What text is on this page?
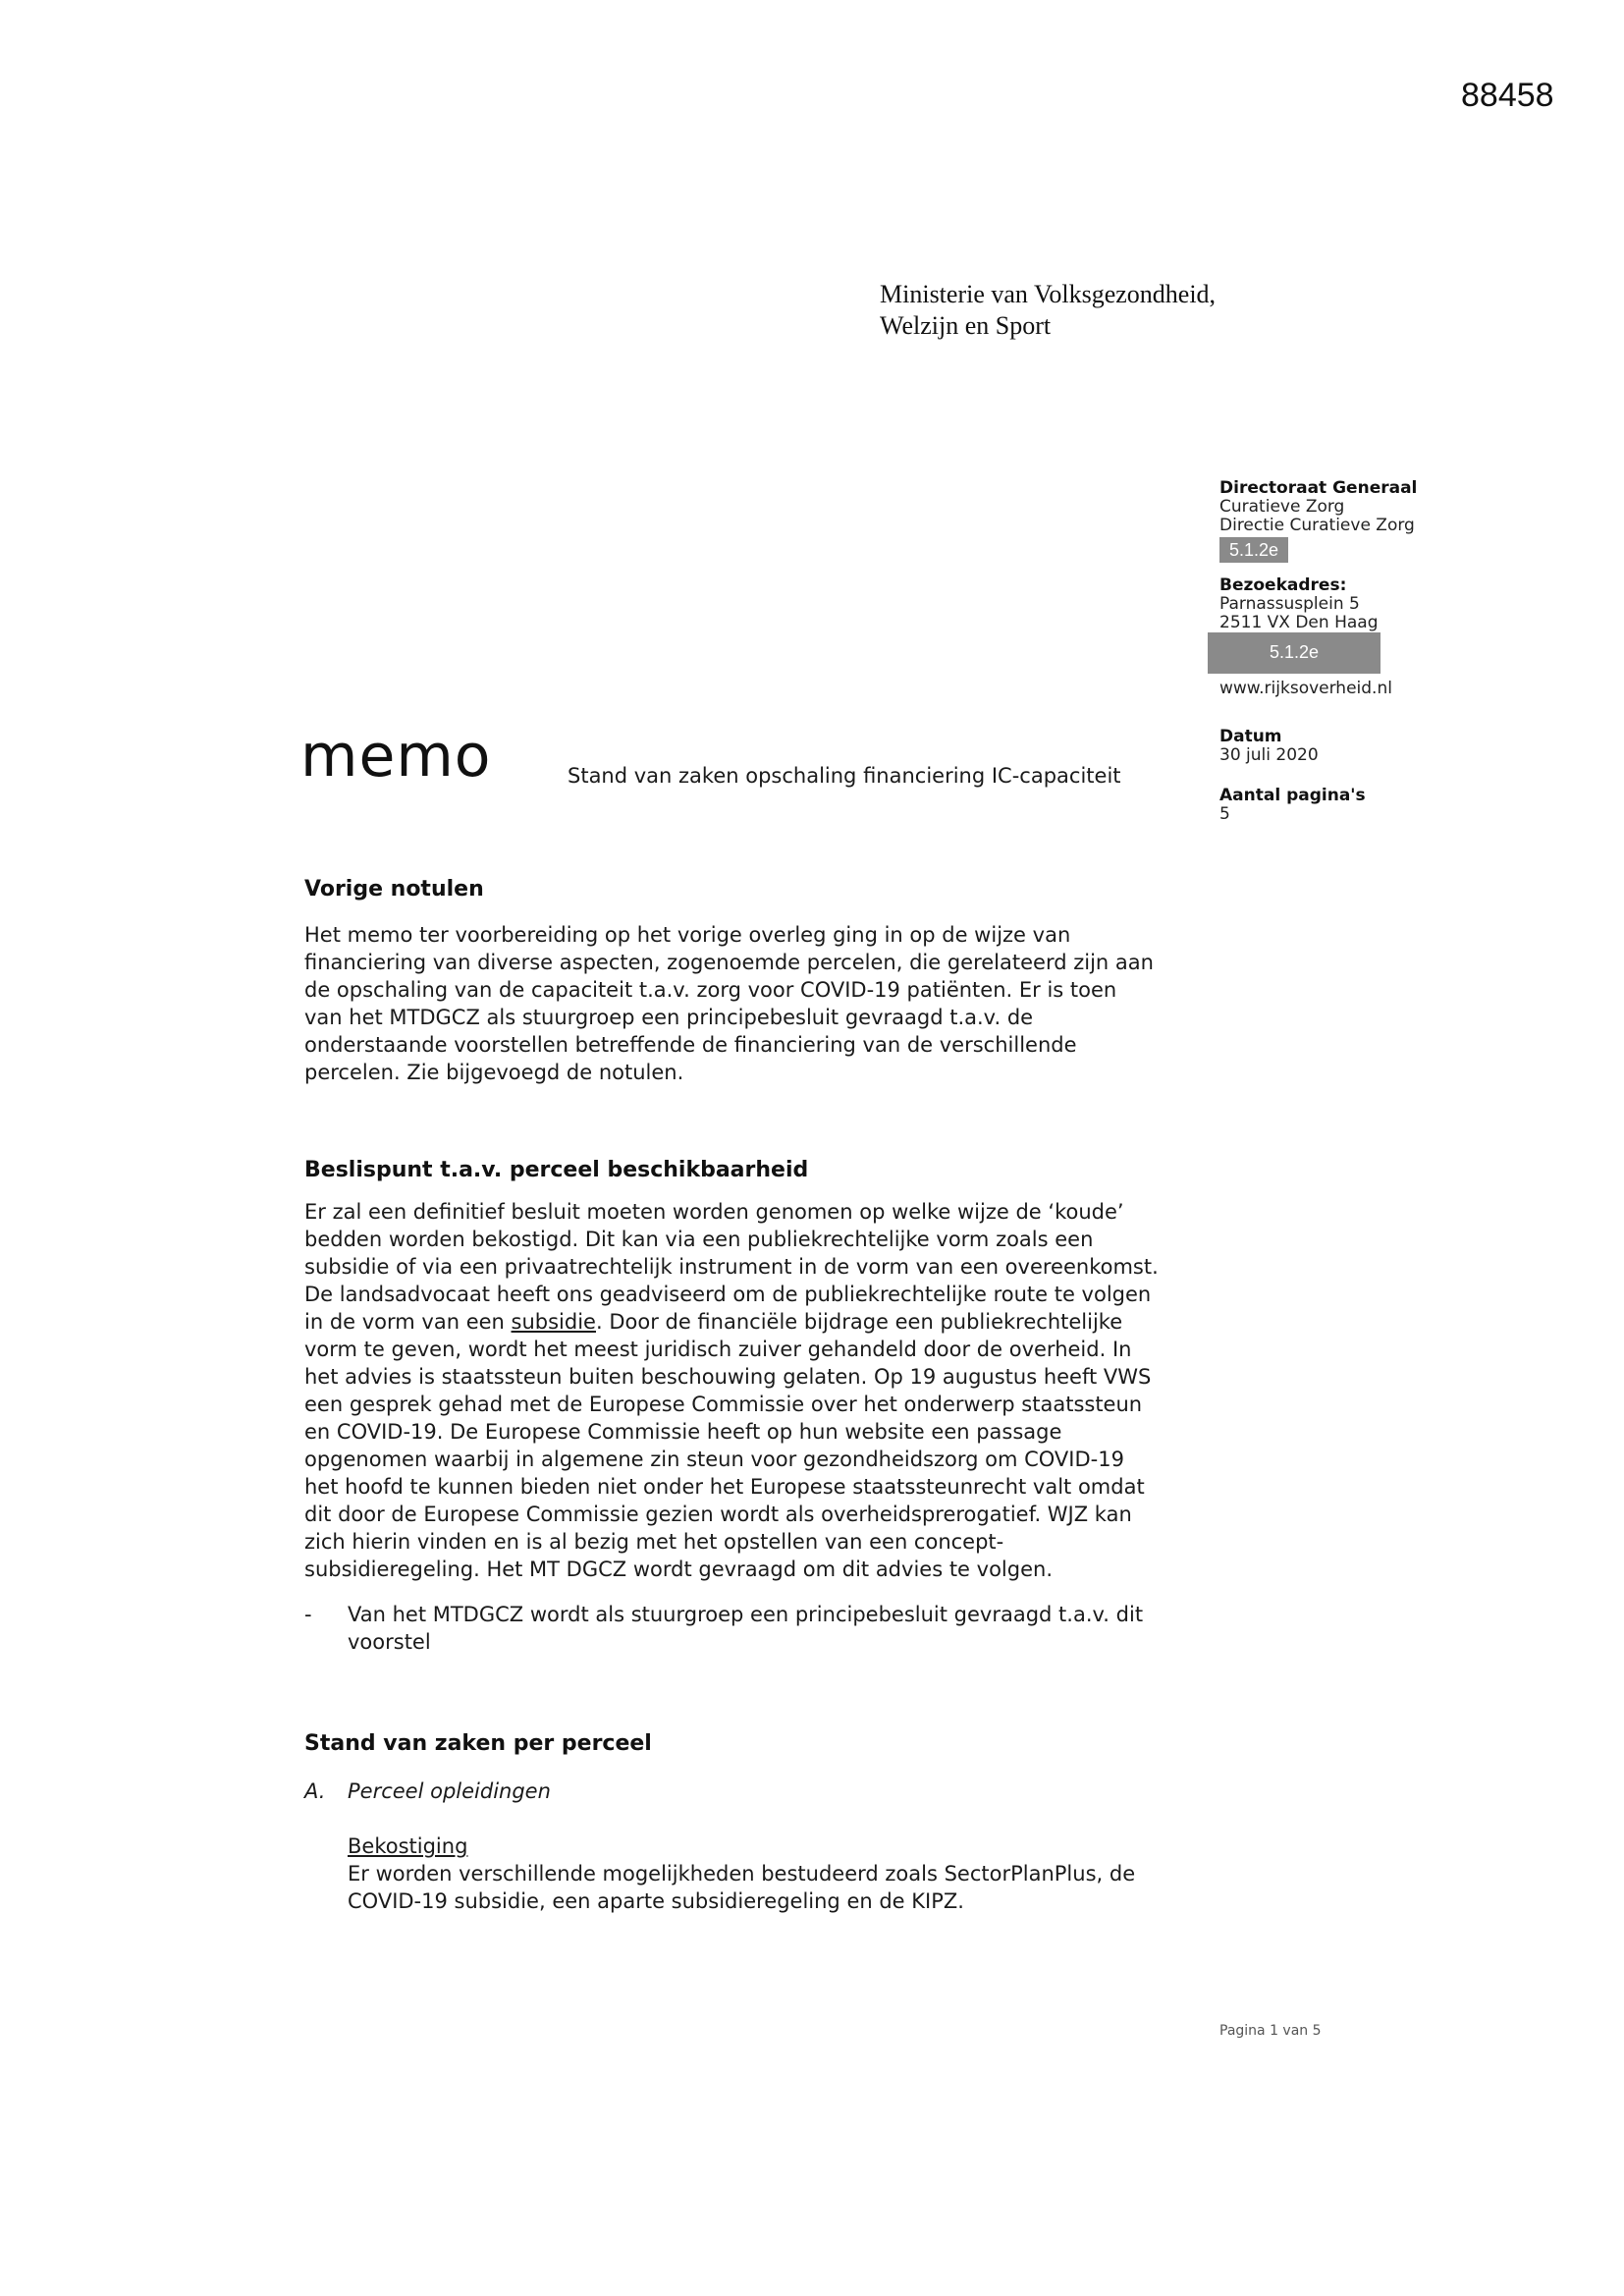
88458
Ministerie van Volksgezondheid,
Welzijn en Sport
Directoraat Generaal
Curatieve Zorg
Directie Curatieve Zorg
5.1.2e
Bezoekadres:
Parnassusplein 5
2511 VX Den Haag
5.1.2e
www.rijksoverheid.nl
Datum
30 juli 2020
Aantal pagina's
5
memo	Stand van zaken opschaling financiering IC-capaciteit
Vorige notulen

Het memo ter voorbereiding op het vorige overleg ging in op de wijze van

financiering van diverse aspecten, zogenoemde percelen, die gerelateerd zijn aan

de opschaling van de capaciteit t.a.v. zorg voor COVID-19 patiënten. Er is toen

van het MTDGCZ als stuurgroep een principebesluit gevraagd t.a.v. de

onderstaande voorstellen betreffende de financiering van de verschillende

percelen. Zie bijgevoegd de notulen.

Beslispunt t.a.v. perceel beschikbaarheid

Er zal een definitief besluit moeten worden genomen op welke wijze de ‘koude’

bedden worden bekostigd. Dit kan via een publiekrechtelijke vorm zoals een

subsidie of via een privaatrechtelijk instrument in de vorm van een overeenkomst.

De landsadvocaat heeft ons geadviseerd om de publiekrechtelijke route te volgen

in de vorm van een subsidie. Door de financiële bijdrage een publiekrechtelijke

vorm te geven, wordt het meest juridisch zuiver gehandeld door de overheid. In

het advies is staatssteun buiten beschouwing gelaten. Op 19 augustus heeft VWS

een gesprek gehad met de Europese Commissie over het onderwerp staatssteun

en COVID-19. De Europese Commissie heeft op hun website een passage

opgenomen waarbij in algemene zin steun voor gezondheidszorg om COVID-19

het hoofd te kunnen bieden niet onder het Europese staatssteunrecht valt omdat

dit door de Europese Commissie gezien wordt als overheidsprerogatief. WJZ kan

zich hierin vinden en is al bezig met het opstellen van een concept-

subsidieregeling. Het MT DGCZ wordt gevraagd om dit advies te volgen.

- Van het MTDGCZ wordt als stuurgroep een principebesluit gevraagd t.a.v. dit

voorstel

Stand van zaken per perceel
A. Perceel opleidingen

Bekostiging

Er worden verschillende mogelijkheden bestudeerd zoals SectorPlanPlus, de

COVID-19 subsidie, een aparte subsidieregeling en de KIPZ.

Pagina 1 van 5
